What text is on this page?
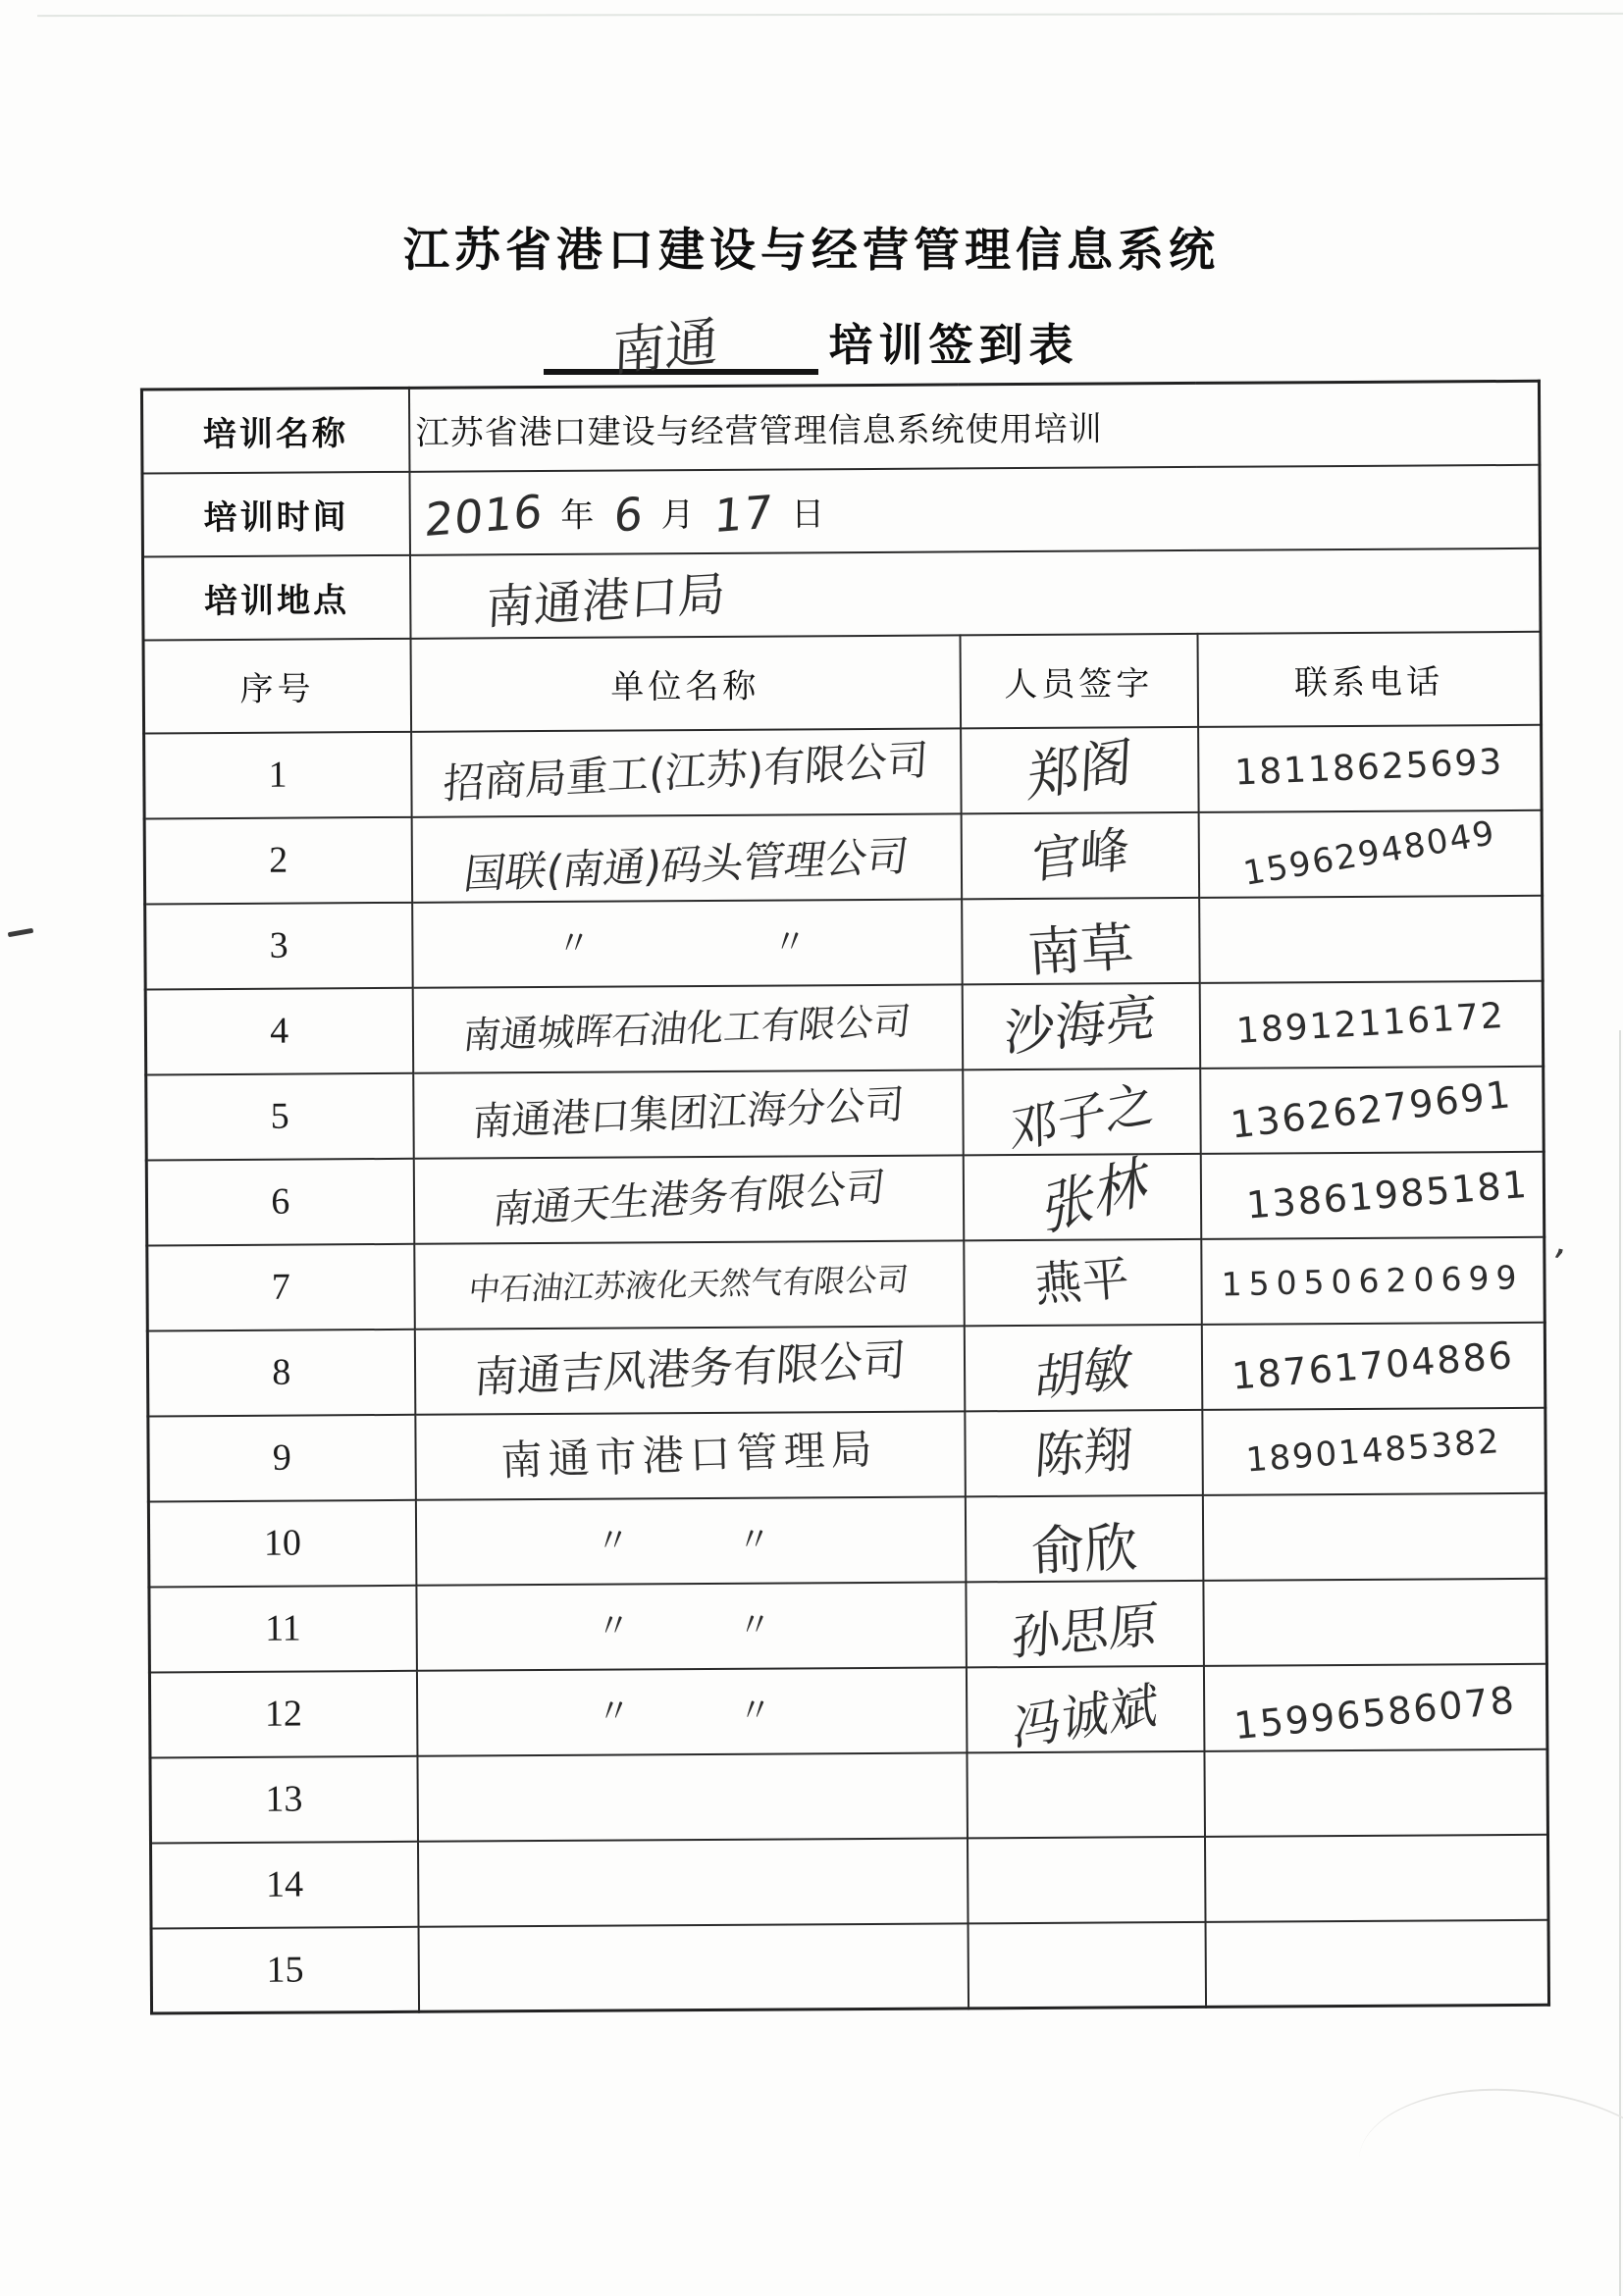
,
江苏省港口建设与经营管理信息系统
南通 培训签到表
培训名称	江苏省港口建设与经营管理信息系统使用培训		
培训时间	2016 年 6 月 17 日		
培训地点	南通港口局		
序号	单位名称	人员签字	联系电话
1	招商局重工(江苏)有限公司	郑阁	18118625693
2	国联(南通)码头管理公司	官峰	15962948049
3	〃　　　　〃	南草	
4	南通城晖石油化工有限公司	沙海亮	18912116172
5	南通港口集团江海分公司	邓子之	13626279691
6	南通天生港务有限公司	张林	13861985181
7	中石油江苏液化天然气有限公司	燕平	15050620699
8	南通吉风港务有限公司	胡敏	18761704886
9	南通市港口管理局	陈翔	18901485382
10	〃　　〃	俞欣	
11	〃　　〃	孙思原	
12	〃　　〃	冯诚斌	15996586078
13			
14			
15			
